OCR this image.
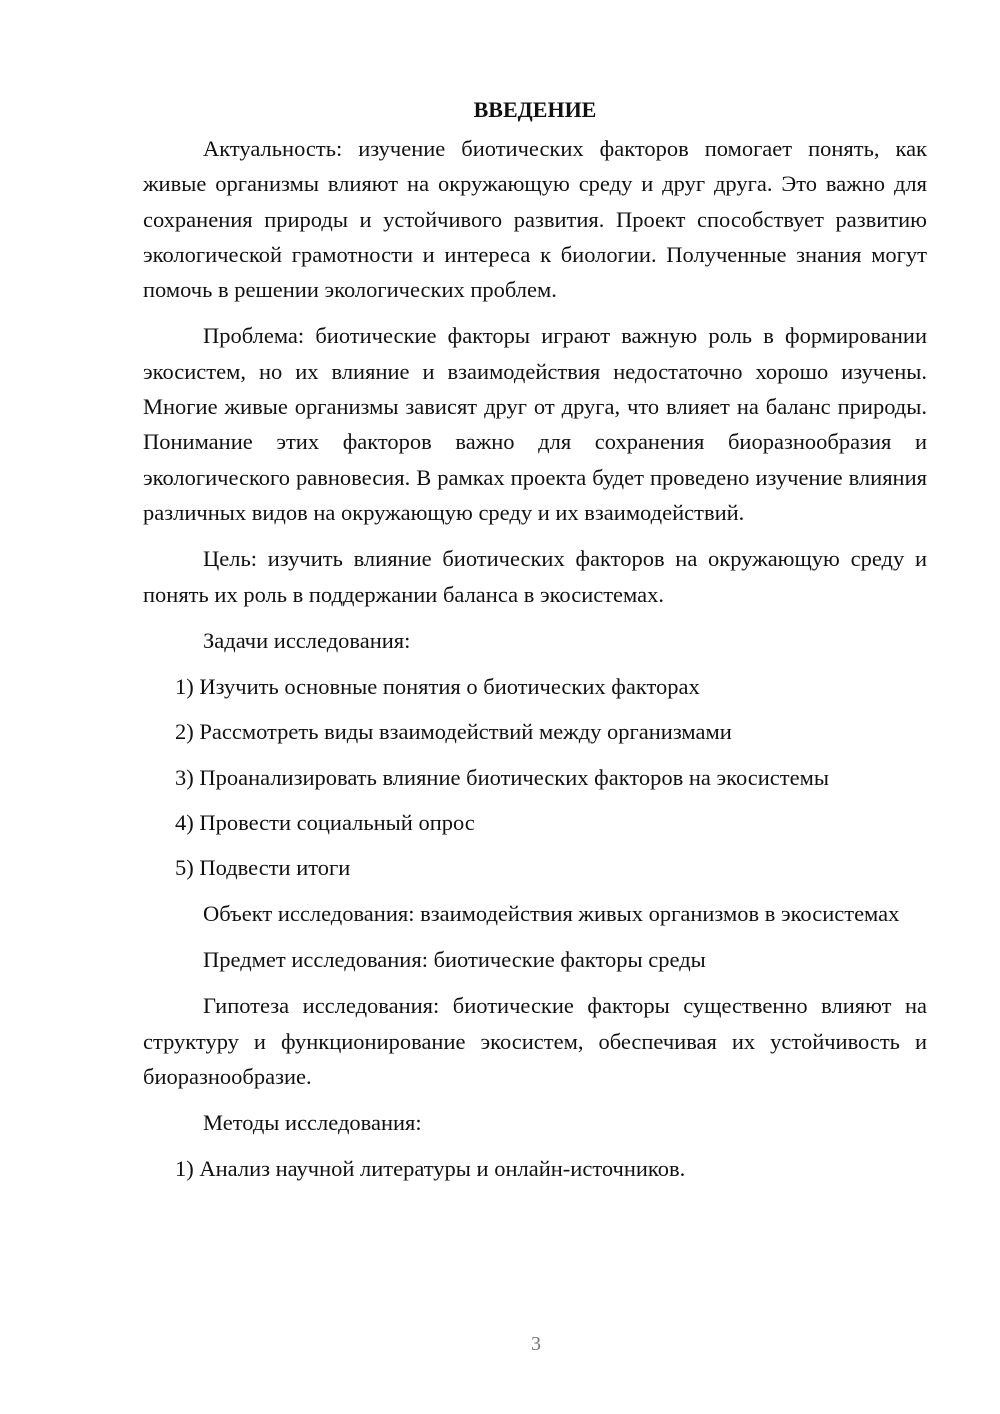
ВВЕДЕНИЕ

Актуальность: изучение биотических факторов помогает понять, как живые организмы влияют на окружающую среду и друг друга. Это важно для сохранения природы и устойчивого развития. Проект способствует развитию экологической грамотности и интереса к биологии. Полученные знания могут помочь в решении экологических проблем.

Проблема: биотические факторы играют важную роль в формировании экосистем, но их влияние и взаимодействия недостаточно хорошо изучены. Многие живые организмы зависят друг от друга, что влияет на баланс природы. Понимание этих факторов важно для сохранения биоразнообразия и экологического равновесия. В рамках проекта будет проведено изучение влияния различных видов на окружающую среду и их взаимодействий.

Цель: изучить влияние биотических факторов на окружающую среду и понять их роль в поддержании баланса в экосистемах.

Задачи исследования:

1) Изучить основные понятия о биотических факторах
2) Рассмотреть виды взаимодействий между организмами
3) Проанализировать влияние биотических факторов на экосистемы
4) Провести социальный опрос
5) Подвести итоги

Объект исследования: взаимодействия живых организмов в экосистемах

Предмет исследования: биотические факторы среды

Гипотеза исследования: биотические факторы существенно влияют на структуру и функционирование экосистем, обеспечивая их устойчивость и биоразнообразие.

Методы исследования:

1) Анализ научной литературы и онлайн-источников.
3
